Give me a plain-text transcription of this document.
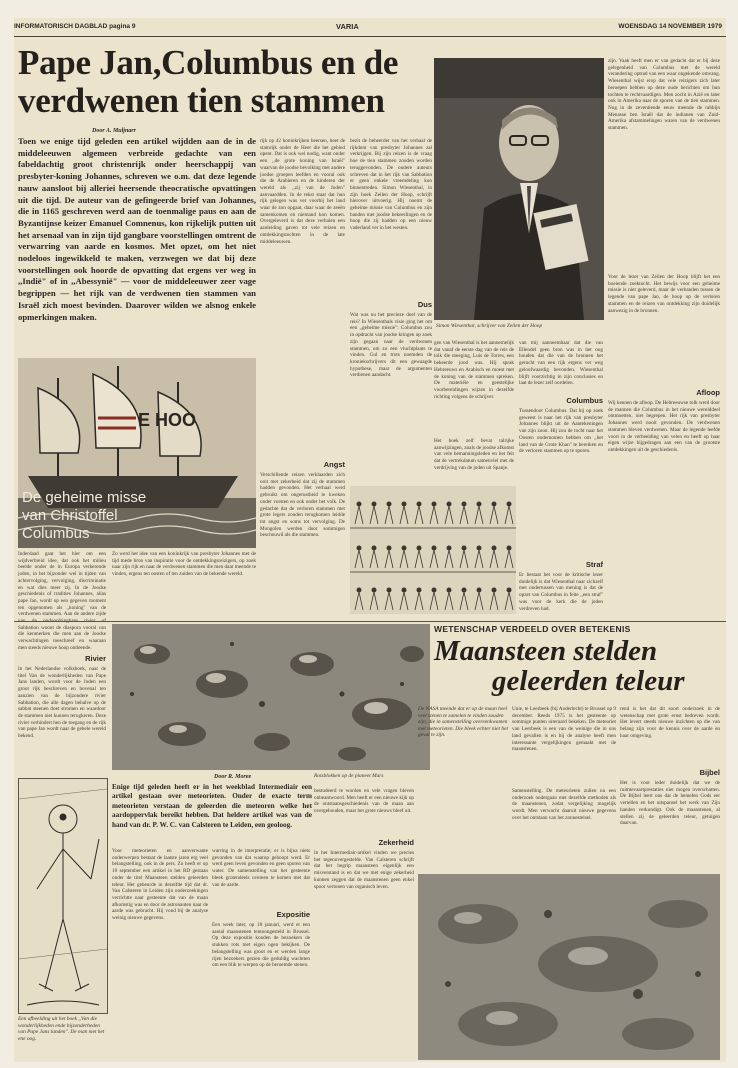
INFORMATORISCH DAGBLAD pagina 9	VARIA	WOENSDAG 14 NOVEMBER 1979
Pape Jan,Columbus en de
verdwenen tien stammen
Door A. Muljnarr
Toen we enige tijd geleden een artikel wijdden aan de in de middeleeuwen algemeen verbreide gedachte van een fabeldachtig groot christenrijk onder heerschappij van presbyter-koning Johannes, schreven we o.m. dat deze legende nauw aansloot bij alleriei heersende theocratische opvattingen uit die tijd. De auteur van de gefingeerde brief van Johannes, die in 1165 geschreven werd aan de toenmalige paus en aan de Byzantijnse keizer Emanuel Comnenus, kon rijkelijk putten uit het arsenaal van in zijn tijd gangbare voorstellingen omtrent de verwarring van aarde en kosmos. Met opzet, om het niet nodeloos ingewikkeld te maken, verzwegen we dat bij deze voorstellingen ook hoorde de opvatting dat ergens ver weg in ,,Indië" of in ,,Abessynië" — voor de middeleeuwer zeer vage begrippen — het rijk van de verdwenen tien stammen van Israël zich moest bevinden. Daarover wilden we alsnog enkele opmerkingen maken.
E HOO
De geheime misse
van Christoffel
Columbus
Inderdaad gaat het hier om een wijdverbreid idee, dat ook het milieu beelde onder de in Europa verkerende joden, in het bijzonder wel in tijden van achtervolging, vervolging, discriminatie en wat dies meer zij. In de Joodse geschiedenis of tradities Johannes, alias pape Jan, wordt op een gegeven moment ten opgenomen als ,,koning" van de verdwenen stammen. Aan de andere zijde Sabbation woont de diaspora vooral van die kenmerken die men aan de Joodse verwachtingen toeschreef en waaraan men steeds nieuwe hoop ontleende.
Rivier
In het Nederlandse volksboek, naar de titel Van de wonderlijkheden van Pape Jans landen, wordt voor de Joden een groot rijk beschreven en bovenal ten aanzien van de bijzondere rivier Sabbation, die alle dagen behalve op de sabbat steenen doet stromen en waardoor de stammen niet kunnen terugkeren. Deze rivier verhindert hen de toegang en de rijk van pape Jan wordt naar de gehele wereld bekend.
Zo werd het idee van een koninkrijk van presbyter Johannes met de tijd mede bron van inspiratie voor de ontdekkingsreizigers, op zoek naar zijn rijk en naar de verdwenen stammen die men daar meende te vinden, ergens ten oosten of ten zuiden van de bekende wereld.
rijk op 42 koninkrijken heersen, heet de stamrijk onder de Heer die het gebied opent. Dat is ook wel nodig, want onder een ,,de grote koning van Israël" waarvan de joodse bevolking met andere joodse groepen leefden en vooral ook die de Arabieren en de kinderen der wereld als ,,zij van de Joden" aanvaardden. In de tekst staat dat hun rijk gelegen was ver voorbij het land waar de zon opgaat, daar waar de zeeën samenkomen en niemand kon komen. Overgeleverd is dat deze verhalen een aanleiding gaven tot vele reizen en ontdekkingstochten in de late middeleeuwen.
Angst
Verschillende reizen verklaarden zich ooit met zekerheid dat zij de stammen hadden gevonden. Het verhaal werd gebruikt om ongerustheid te kweken onder vorsten en ook onder het volk. De gedachte dat de verloren stammen met grote legers zouden terugkomen leidde tot angst en soms tot vervolging. De Mongolen werden door sommigen beschouwd als die stammen.
bezit de beheerder van het verhaal de rijkdom van presbyter Johannes zal verkrijgen. Bij zijn reizen is de vraag hoe de tien stammen zouden worden teruggevonden. De oudere auteurs schreven dat in het rijk van Sabbation er geen enkele vreemdeling kon binnentreden. Simon Wiesenthal, in zijn boek Zeilen der Hoop, schrijft hierover uitvoerig. Hij noemt de geheime missie van Columbus en zijn banden met joodse bekeerlingen en de hoop die zij hadden op een nieuw vaderland ver in het westen.
Dus
Wat was nu het precieze doel van de reis? In Wiesenthals visie ging het om een ,,geheime missie": Columbus zou in opdracht van joodse kringen op zoek zijn gegaan naar de verdwenen stammen, om zo een vluchtplaats te vinden. Gul en trots noemden de kroniekschrijvers dit een gewaagde hypothese, maar de argumenten verdienen aandacht.
Simon Wiesenthal, schrijver van Zeilen der Hoop
gen van Wiesenthal is het aannemelijk dat vanaf de eerste dag van de reis de tolk die meeging, Luis de Torres, een bekeerde jood was. Hij sprak Hebreeuws en Arabisch en moest met de koning van de stammen spreken. De materiële en geestelijke voorbereidingen wijzen in dezelfde richting volgens de schrijver.
Het boek zelf bevat talrijke aanwijzingen, zoals de joodse afkomst van vele bemanningsleden en het feit dat de vertrekdatum samenviel met de verdrijving van de joden uit Spanje.
van mij aanneembaar dat die van Ellendel geen bron was in het oog houden dat die van de bronnen het gerucht van een rijk ergens ver weg geloofwaardig bevonden. Wiesenthal blijft voorzichtig in zijn conclusies en laat de lezer zelf oordelen.
Columbus
Tussendoor Columbus. Dat hij op zoek geweest is naar het rijk van presbyter Johannes blijkt uit de Aantekeningen van zijn zoon. Hij zou de tocht naar het Oosten ondernomen hebben om ,,het land van de Grote Khan" te bereiken en de verloren stammen op te sporen.
Straf
Er bestaat het voor de kritische lezer duidelijk is dat Wiesenthal naar zichzelf met ondertussen van mening is dat de opzet van Columbus in feite ,,een straf" was voor de kerk die de joden verdreven had.
zijn. Vaak heeft men er van gedacht dat er bij deze gelegenheid van Columbus met de wereld verandering optrad van een waar ongekende omvang. Wiesenthal wijst erop dat vele reizigers zich later beroepen hebben op deze oude berichten om hun tochten te rechtvaardigen. Men zocht in Azië en later ook in Amerika naar de sporen van de tien stammen. Nog in de zeventiende eeuw meende de rabbijn Menasse ben Israël dat de indianen van Zuid-Amerika afstammelingen waren van de verdwenen stammen.
Voor de lezer van Zeilen der Hoop blijft het een boeiende zoektocht. Het bewijs voor een geheime missie is niet geleverd, maar de verbanden tussen de legende van pape Jan, de hoop op de verloren stammen en de reizen van ontdekking zijn duidelijk aanwezig in de bronnen.
Afloop
Wij kennen de afloop. De Hebreeuwse tolk werd door de mannen die Columbus in het nieuwe werelddeel ontmoetten, niet begrepen. Het rijk van presbyter Johannes werd nooit gevonden. De verdwenen stammen bleven verdwenen. Maar de legende leefde voort in de verbeelding van velen en heeft op haar eigen wijze bijgedragen aan een van de grootste ontdekkingen uit de geschiedenis.
Een afbeelding uit het boek ,,Van die wonderlijkheden ende bijzonderheden van Pape Jans landen". De man met het ene oog.
WETENSCHAP VERDEELD OVER BETEKENIS
Maansteen stelden
geleerden teleur
Rotsblokken op de planeet Mars
Door R. Moree
Enige tijd geleden heeft er in het weekblad Intermediair een artikel gestaan over meteorieten. Onder de exacte term meteorieten verstaan de geleerden die meteoren welke het aardoppervlak bereikt hebben. Dat heldere artikel was van de hand van dr. P. W. C. van Calsteren te Leiden, een geoloog.
Voor meteorieten en aanverwante onderwerpen bestaat de laatste jaren erg veel belangstelling, ook in de pers. Zo heeft er op 10 september een artikel in het RD gestaan onder de titel Maansteen stelden geleerden teleur. Het gebeurde in dezelfde tijd dat dr. Van Calsteren in Leiden zijn onderzoekingen verrichtte naar gesteente dat van de maan afkomstig was en door de astronauten naar de aarde was gebracht. Hij vond bij de analyse weinig nieuwe gegevens.
warring in de interpretatie; er is bijna niets gevonden van dat waarop gehoopt werd. Er werd geen leven gevonden en geen sporen van water. De samenstelling van het gesteente bleek grotendeels overeen te komen met dat van de aarde.
Expositie
Een week later, op 18 januari, werd er een aantal maanstenen tentoongesteld in Brussel. Op deze expositie konden de bezoekers de stukken rots met eigen ogen bekijken. De belangstelling was groot en er werden lange rijen bezoekers gezien die geduldig wachtten om een blik te werpen op de beroemde stenen.
bestudeerd te worden en vele vragen bleven onbeantwoord. Men heeft er een nieuwe kijk op de ontstaansgeschiedenis van de maan aan overgehouden, maar het grote nieuws bleef uit.
Zekerheid
In het Intermediair-artikel vinden we precies het tegenovergestelde. Van Calsteren schrijft dat het begrip maansteen eigenlijk een misverstand is en dat we met enige zekerheid kunnen zeggen dat de maanstenen geen enkel spoor vertonen van organisch leven.
De NASA meende dat er op de maan heel veel stenen te zamelen te vinden zouden zijn, die in samenstelling overeenkwamen met meteorieten. Die bleek echter niet het geval te zijn.
Unie, te Leerbeek (bij Anderlecht) te Brussel op 9 december. Reeds 1975 is het gesteente op sommige punten uiteraard bekeken. De meteoriet van Leerbeek is een van de weinige die in ons land gevallen is en bij de analyse heeft men interessante vergelijkingen gemaakt met de maanstenen.
Samenstelling. De meteorieten zullen nu een onderzoek ondergaan met dezelfde methoden als de maanstenen, zodat vergelijking mogelijk wordt. Men verwacht daaruit nieuwe gegevens over het ontstaan van het zonnestelsel.
rend is het dat dit soort onderzoek in de wetenschap met grote ernst bedreven wordt. Het levert steeds nieuwe inzichten op die van belang zijn voor de kennis over de aarde en haar omgeving.
Bijbel
Het is voor ieder duidelijk dat we de ruimtevaartprestaties niet mogen overschatten. De Bijbel leert ons dat de hemelen Gods eer vertellen en het uitspansel het werk van Zijn handen verkondigt. Ook de maanstenen, al stellen zij de geleerden teleur, getuigen daarvan.
